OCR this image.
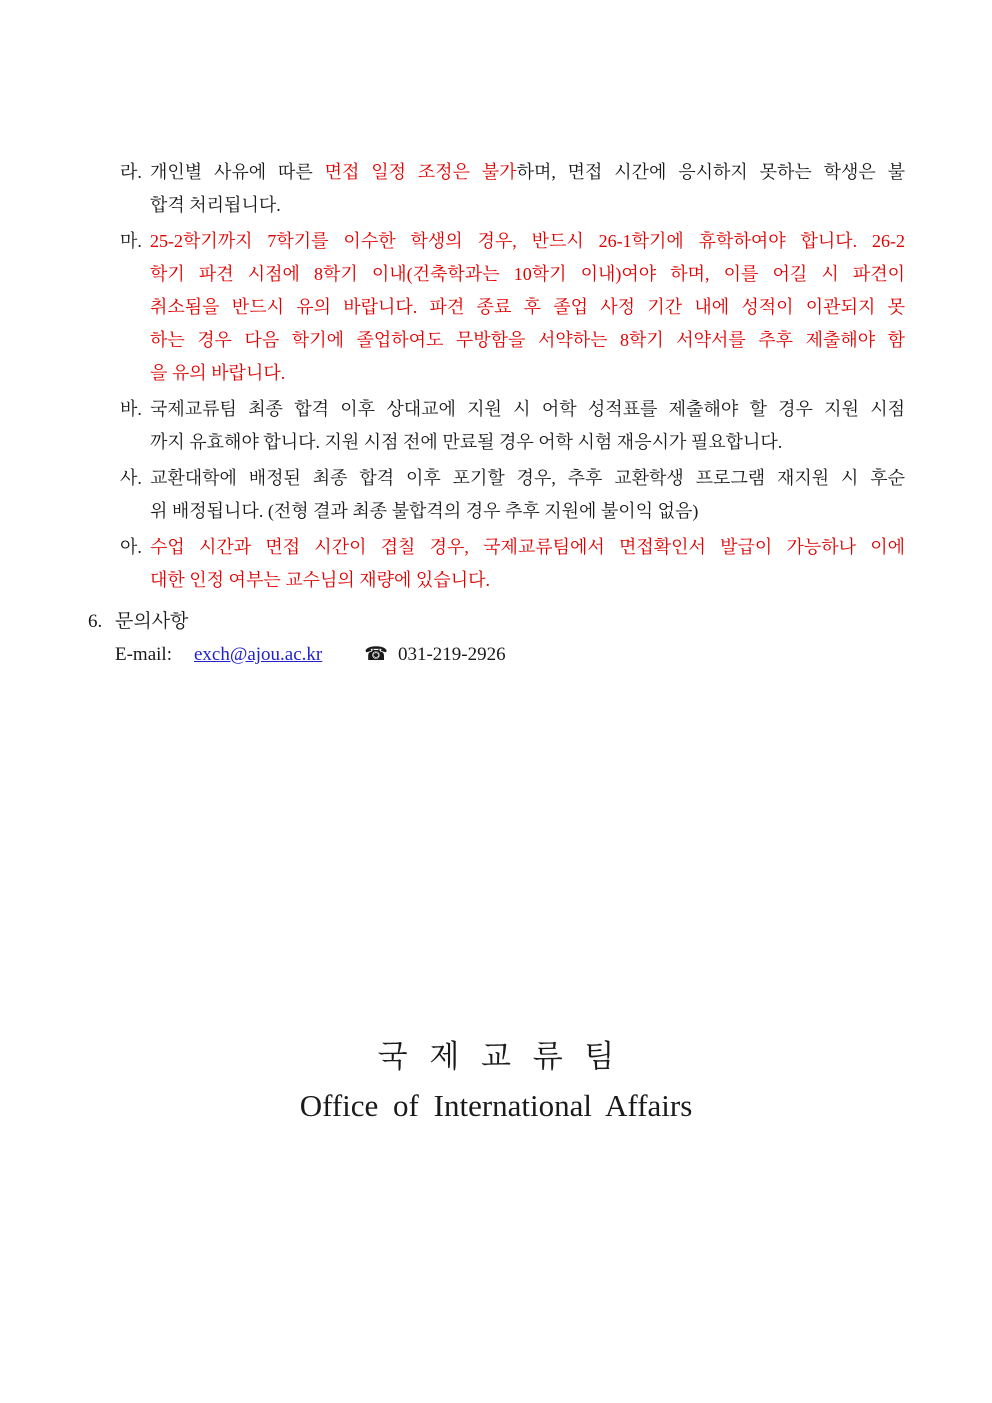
라. 개인별 사유에 따른 면접 일정 조정은 불가하며, 면접 시간에 응시하지 못하는 학생은 불
합격 처리됩니다.
마. 25-2학기까지 7학기를 이수한 학생의 경우, 반드시 26-1학기에 휴학하여야 합니다. 26-2
학기 파견 시점에 8학기 이내(건축학과는 10학기 이내)여야 하며, 이를 어길 시 파견이
취소됨을 반드시 유의 바랍니다. 파견 종료 후 졸업 사정 기간 내에 성적이 이관되지 못
하는 경우 다음 학기에 졸업하여도 무방함을 서약하는 8학기 서약서를 추후 제출해야 함
을 유의 바랍니다.
바. 국제교류팀 최종 합격 이후 상대교에 지원 시 어학 성적표를 제출해야 할 경우 지원 시점
까지 유효해야 합니다. 지원 시점 전에 만료될 경우 어학 시험 재응시가 필요합니다.
사. 교환대학에 배정된 최종 합격 이후 포기할 경우, 추후 교환학생 프로그램 재지원 시 후순
위 배정됩니다. (전형 결과 최종 불합격의 경우 추후 지원에 불이익 없음)
아. 수업 시간과 면접 시간이 겹칠 경우, 국제교류팀에서 면접확인서 발급이 가능하나 이에
대한 인정 여부는 교수님의 재량에 있습니다.
6. 문의사항
E-mail: exch@ajou.ac.kr ☎ 031-219-2926
국 제 교 류 팀
Office of International Affairs
